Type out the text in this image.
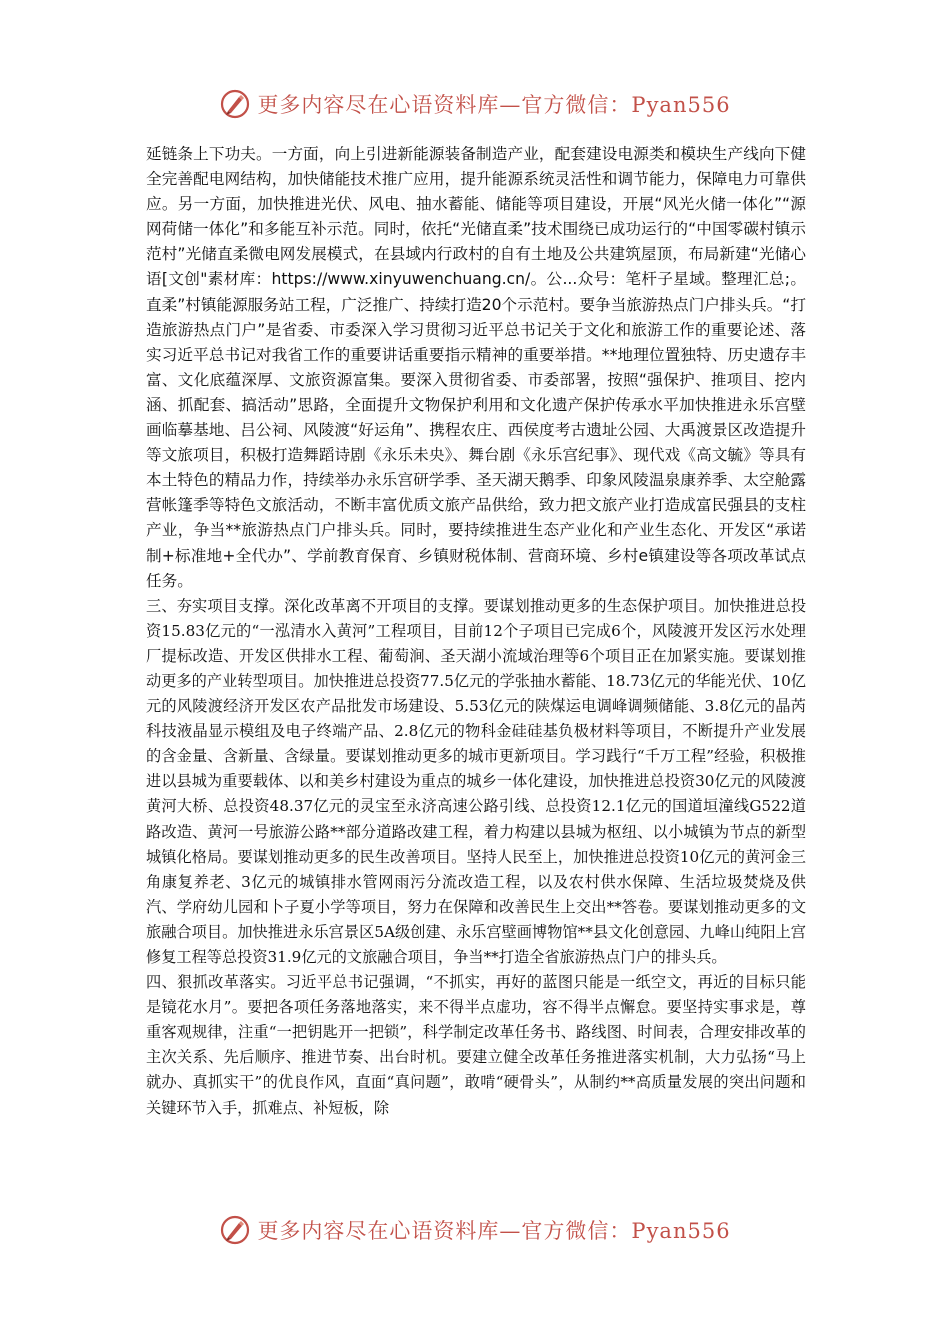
更多内容尽在心语资料库—官方微信：Pyan556

延链条上下功夫。一方面，向上引进新能源装备制造产业，配套建设电源类和模块生产线向下健全完善配电网结构，加快储能技术推广应用，提升能源系统灵活性和调节能力，保障电力可靠供应。另一方面，加快推进光伏、风电、抽水蓄能、储能等项目建设，开展“风光火储一体化”“源网荷储一体化”和多能互补示范。同时，依托“光储直柔”技术围绕已成功运行的“中国零碳村镇示范村”光储直柔微电网发展模式，在县域内行政村的自有土地及公共建筑屋顶，布局新建“光储心语[文创"素材库：https://www.xinyuwenchuang.cn/。公...众号：笔杆子星域。整理汇总;。直柔”村镇能源服务站工程，广泛推广、持续打造20个示范村。要争当旅游热点门户排头兵。“打造旅游热点门户”是省委、市委深入学习贯彻习近平总书记关于文化和旅游工作的重要论述、落实习近平总书记对我省工作的重要讲话重要指示精神的重要举措。**地理位置独特、历史遗存丰富、文化底蕴深厚、文旅资源富集。要深入贯彻省委、市委部署，按照“强保护、推项目、挖内涵、抓配套、搞活动”思路，全面提升文物保护利用和文化遗产保护传承水平加快推进永乐宫壁画临摹基地、吕公祠、风陵渡“好运角”、携程农庄、西侯度考古遗址公园、大禹渡景区改造提升等文旅项目，积极打造舞蹈诗剧《永乐未央》、舞台剧《永乐宫纪事》、现代戏《高文毓》等具有本土特色的精品力作，持续举办永乐宫研学季、圣天湖天鹅季、印象风陵温泉康养季、太空舱露营帐篷季等特色文旅活动，不断丰富优质文旅产品供给，致力把文旅产业打造成富民强县的支柱产业，争当**旅游热点门户排头兵。同时，要持续推进生态产业化和产业生态化、开发区“承诺制+标准地+全代办”、学前教育保育、乡镇财税体制、营商环境、乡村e镇建设等各项改革试点任务。

三、夯实项目支撑。深化改革离不开项目的支撑。要谋划推动更多的生态保护项目。加快推进总投资15.83亿元的“一泓清水入黄河”工程项目，目前12个子项目已完成6个，风陵渡开发区污水处理厂提标改造、开发区供排水工程、葡萄涧、圣天湖小流域治理等6个项目正在加紧实施。要谋划推动更多的产业转型项目。加快推进总投资77.5亿元的学张抽水蓄能、18.73亿元的华能光伏、10亿元的风陵渡经济开发区农产品批发市场建设、5.53亿元的陕煤运电调峰调频储能、3.8亿元的晶芮科技液晶显示模组及电子终端产品、2.8亿元的物科金硅硅基负极材料等项目，不断提升产业发展的含金量、含新量、含绿量。要谋划推动更多的城市更新项目。学习践行“千万工程”经验，积极推进以县城为重要载体、以和美乡村建设为重点的城乡一体化建设，加快推进总投资30亿元的风陵渡黄河大桥、总投资48.37亿元的灵宝至永济高速公路引线、总投资12.1亿元的国道垣潼线G522道路改造、黄河一号旅游公路**部分道路改建工程，着力构建以县城为枢纽、以小城镇为节点的新型城镇化格局。要谋划推动更多的民生改善项目。坚持人民至上，加快推进总投资10亿元的黄河金三角康复养老、3亿元的城镇排水管网雨污分流改造工程，以及农村供水保障、生活垃圾焚烧及供汽、学府幼儿园和卜子夏小学等项目，努力在保障和改善民生上交出**答卷。要谋划推动更多的文旅融合项目。加快推进永乐宫景区5A级创建、永乐宫壁画博物馆**县文化创意园、九峰山纯阳上宫修复工程等总投资31.9亿元的文旅融合项目，争当**打造全省旅游热点门户的排头兵。

四、狠抓改革落实。习近平总书记强调，“不抓实，再好的蓝图只能是一纸空文，再近的目标只能是镜花水月”。要把各项任务落地落实，来不得半点虚功，容不得半点懈怠。要坚持实事求是，尊重客观规律，注重“一把钥匙开一把锁”，科学制定改革任务书、路线图、时间表，合理安排改革的主次关系、先后顺序、推进节奏、出台时机。要建立健全改革任务推进落实机制，大力弘扬“马上就办、真抓实干”的优良作风，直面“真问题”，敢啃“硬骨头”，从制约**高质量发展的突出问题和关键环节入手，抓难点、补短板，除

更多内容尽在心语资料库—官方微信：Pyan556
